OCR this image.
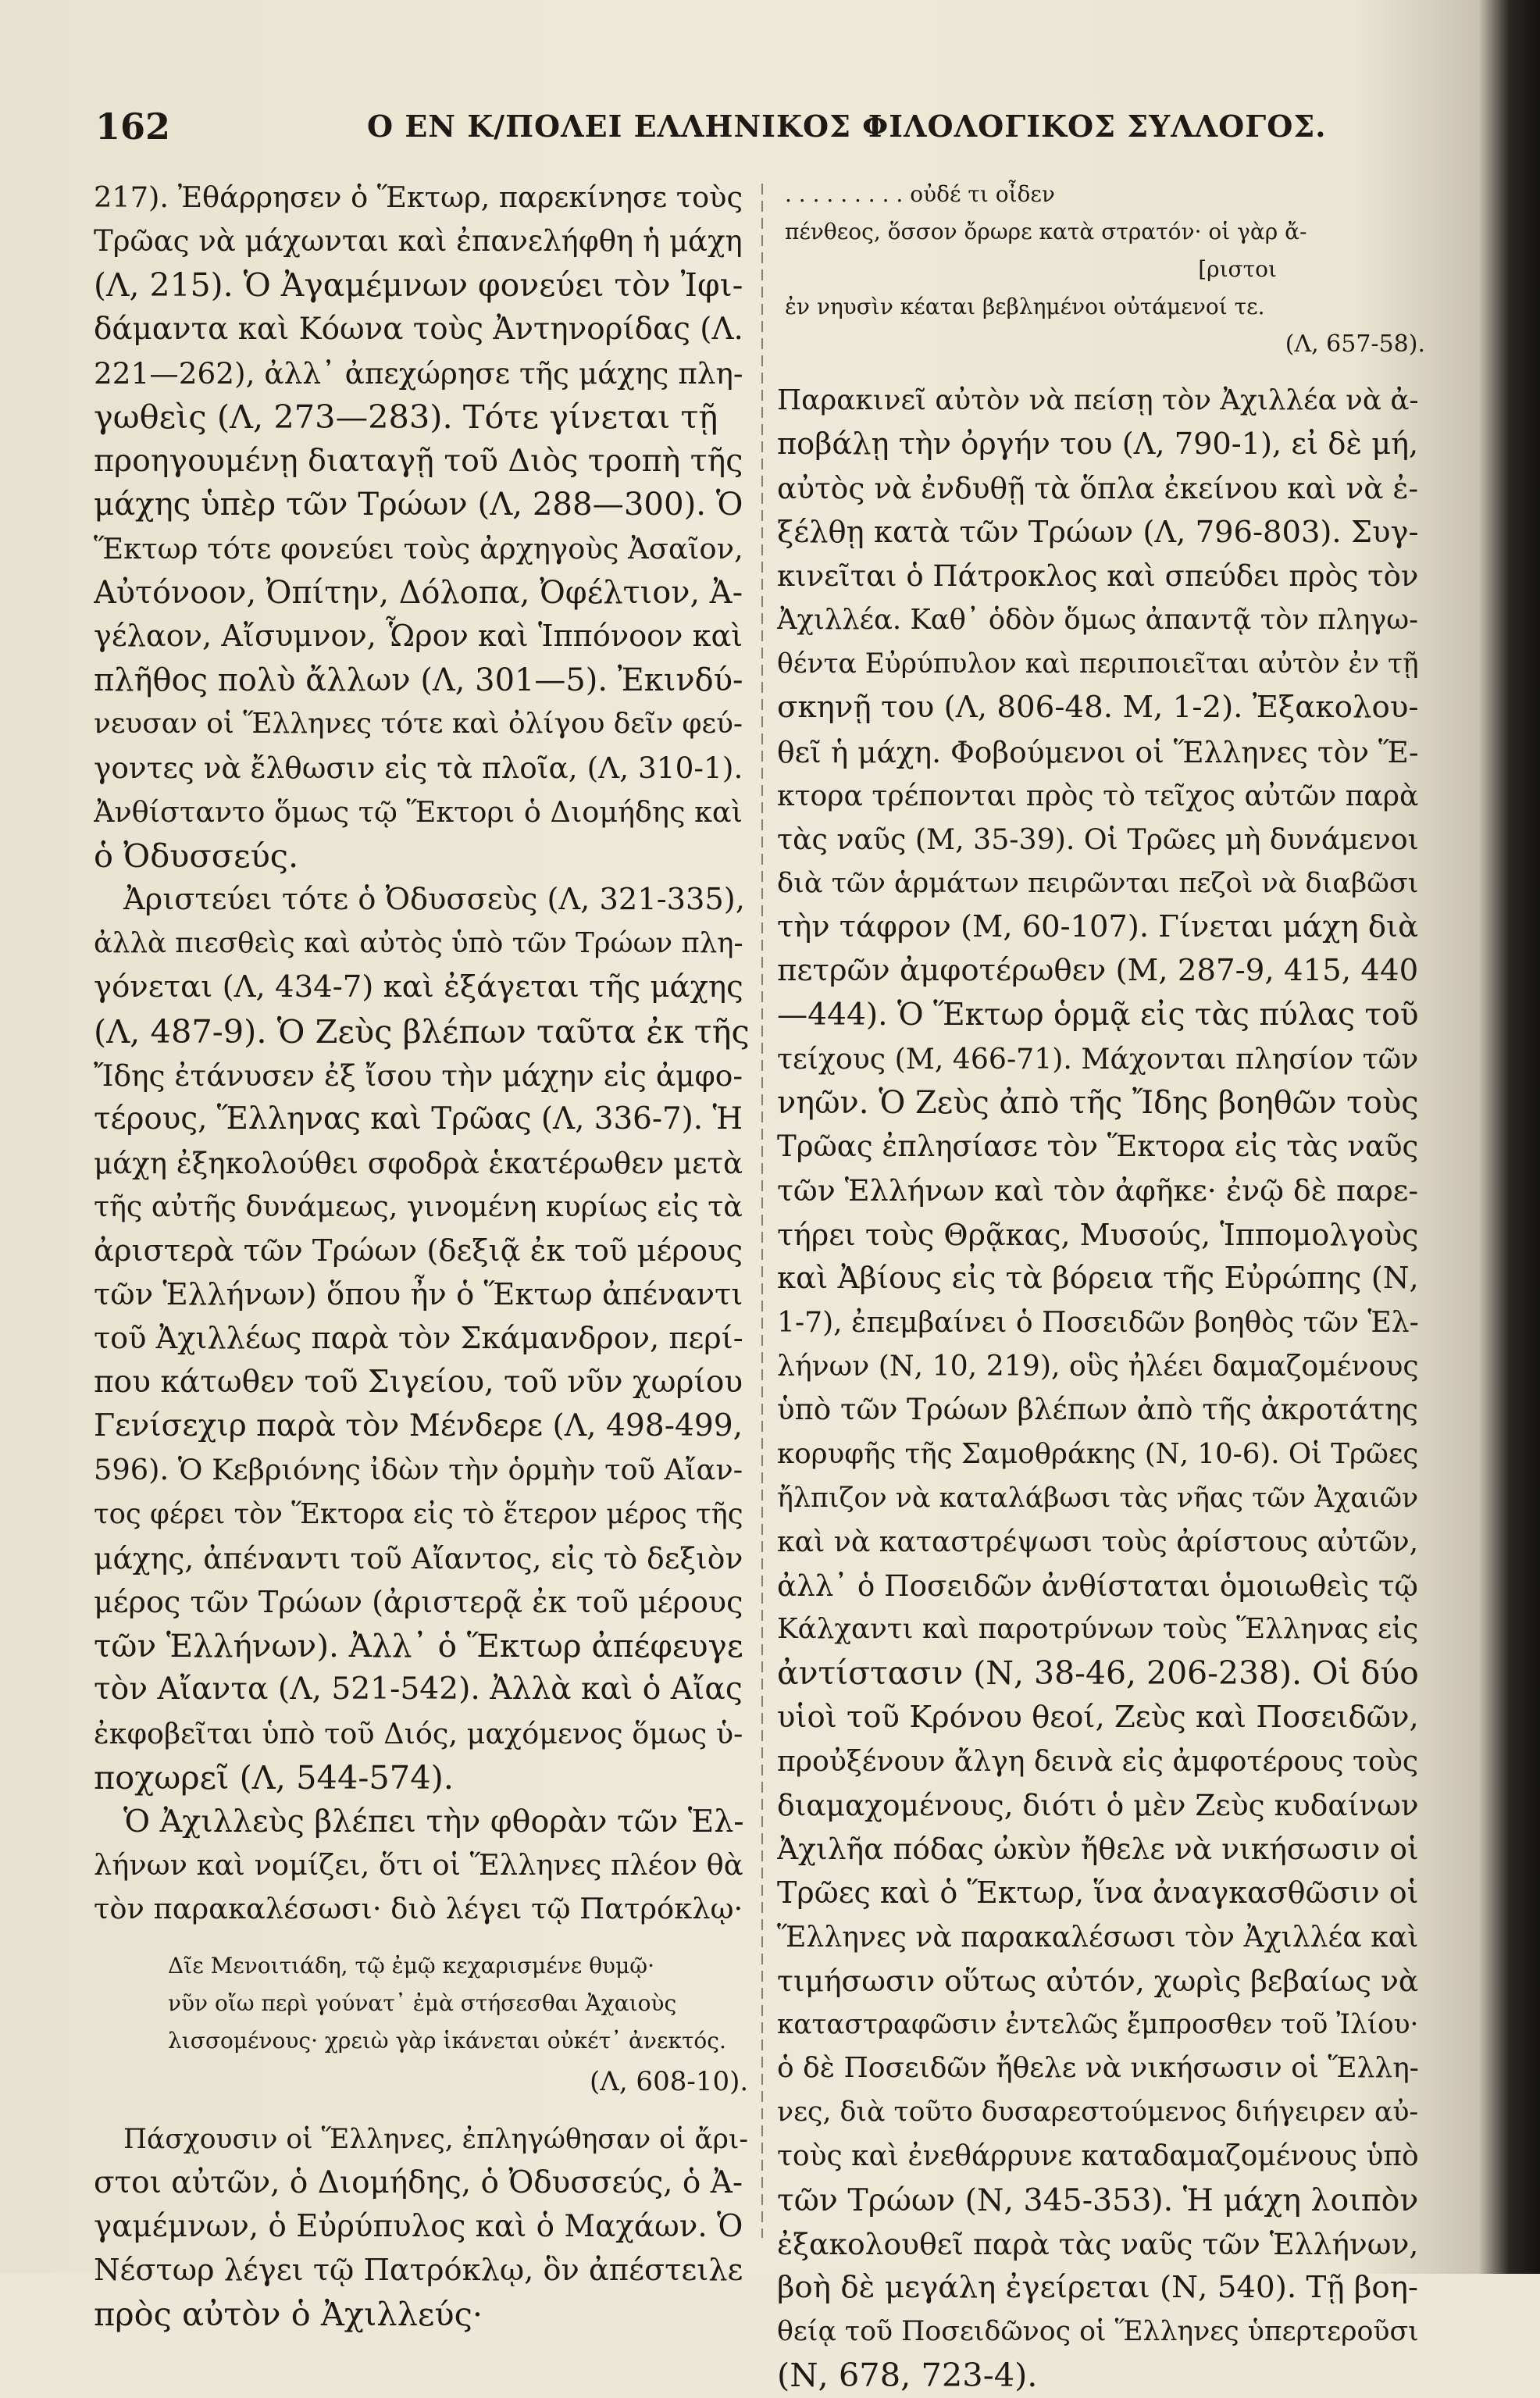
162	Ο ΕΝ Κ/ΠΟΛΕΙ ΕΛΛΗΝΙΚΟΣ ΦΙΛΟΛΟΓΙΚΟΣ ΣΥΛΛΟΓΟΣ.
217). Ἐθάρρησεν ὁ Ἕκτωρ, παρεκίνησε τοὺς
Τρῶας νὰ μάχωνται καὶ ἐπανελήφθη ἡ μάχη
(Λ, 215). Ὁ Ἀγαμέμνων φονεύει τὸν Ἰφι-
δάμαντα καὶ Κόωνα τοὺς Ἀντηνορίδας (Λ.
221—262), ἀλλ᾽ ἀπεχώρησε τῆς μάχης πλη-
γωθεὶς (Λ, 273—283). Τότε γίνεται τῇ
προηγουμένῃ διαταγῇ τοῦ Διὸς τροπὴ τῆς
μάχης ὑπὲρ τῶν Τρώων (Λ, 288—300). Ὁ
Ἕκτωρ τότε φονεύει τοὺς ἀρχηγοὺς Ἀσαῖον,
Αὐτόνοον, Ὀπίτην, Δόλοπα, Ὀφέλτιον, Ἀ-
γέλαον, Αἴσυμνον, Ὧρον καὶ Ἱππόνοον καὶ
πλῆθος πολὺ ἄλλων (Λ, 301—5). Ἐκινδύ-
νευσαν οἱ Ἕλληνες τότε καὶ ὀλίγου δεῖν φεύ-
γοντες νὰ ἔλθωσιν εἰς τὰ πλοῖα, (Λ, 310-1).
Ἀνθίσταντο ὅμως τῷ Ἕκτορι ὁ Διομήδης καὶ
ὁ Ὀδυσσεύς.
Ἀριστεύει τότε ὁ Ὀδυσσεὺς (Λ, 321-335),
ἀλλὰ πιεσθεὶς καὶ αὐτὸς ὑπὸ τῶν Τρώων πλη-
γόνεται (Λ, 434-7) καὶ ἐξάγεται τῆς μάχης
(Λ, 487-9). Ὁ Ζεὺς βλέπων ταῦτα ἐκ τῆς
Ἴδης ἐτάνυσεν ἐξ ἴσου τὴν μάχην εἰς ἀμφο-
τέρους, Ἕλληνας καὶ Τρῶας (Λ, 336-7). Ἡ
μάχη ἐξηκολούθει σφοδρὰ ἑκατέρωθεν μετὰ
τῆς αὐτῆς δυνάμεως, γινομένη κυρίως εἰς τὰ
ἀριστερὰ τῶν Τρώων (δεξιᾷ ἐκ τοῦ μέρους
τῶν Ἑλλήνων) ὅπου ἦν ὁ Ἕκτωρ ἀπέναντι
τοῦ Ἀχιλλέως παρὰ τὸν Σκάμανδρον, περί-
που κάτωθεν τοῦ Σιγείου, τοῦ νῦν χωρίου
Γενίσεχιρ παρὰ τὸν Μένδερε (Λ, 498-499,
596). Ὁ Κεβριόνης ἰδὼν τὴν ὁρμὴν τοῦ Αἴαν-
τος φέρει τὸν Ἕκτορα εἰς τὸ ἕτερον μέρος τῆς
μάχης, ἀπέναντι τοῦ Αἴαντος, εἰς τὸ δεξιὸν
μέρος τῶν Τρώων (ἀριστερᾷ ἐκ τοῦ μέρους
τῶν Ἑλλήνων). Ἀλλ᾽ ὁ Ἕκτωρ ἀπέφευγε
τὸν Αἴαντα (Λ, 521-542). Ἀλλὰ καὶ ὁ Αἴας
ἐκφοβεῖται ὑπὸ τοῦ Διός, μαχόμενος ὅμως ὑ-
ποχωρεῖ (Λ, 544-574).
Ὁ Ἀχιλλεὺς βλέπει τὴν φθορὰν τῶν Ἑλ-
λήνων καὶ νομίζει, ὅτι οἱ Ἕλληνες πλέον θὰ
τὸν παρακαλέσωσι· διὸ λέγει τῷ Πατρόκλῳ·
Δῖε Μενοιτιάδη, τῷ ἐμῷ κεχαρισμένε θυμῷ·
νῦν οἴω περὶ γούνατ᾽ ἐμὰ στήσεσθαι Ἀχαιοὺς
λισσομένους· χρειὼ γὰρ ἱκάνεται οὐκέτ᾽ ἀνεκτός.
(Λ, 608-10).
Πάσχουσιν οἱ Ἕλληνες, ἐπληγώθησαν οἱ ἄρι-
στοι αὐτῶν, ὁ Διομήδης, ὁ Ὀδυσσεύς, ὁ Ἀ-
γαμέμνων, ὁ Εὐρύπυλος καὶ ὁ Μαχάων. Ὁ
Νέστωρ λέγει τῷ Πατρόκλῳ, ὃν ἀπέστειλε
πρὸς αὐτὸν ὁ Ἀχιλλεύς·
. . . . . . . . . οὐδέ τι οἶδεν
πένθεος, ὅσσον ὄρωρε κατὰ στρατόν· οἱ γὰρ ἄ-
[ριστοι
ἐν νηυσὶν κέαται βεβλημένοι οὐτάμενοί τε.
(Λ, 657-58).
Παρακινεῖ αὐτὸν νὰ πείσῃ τὸν Ἀχιλλέα νὰ ἀ-
ποβάλῃ τὴν ὀργήν του (Λ, 790-1), εἰ δὲ μή,
αὐτὸς νὰ ἐνδυθῇ τὰ ὅπλα ἐκείνου καὶ νὰ ἐ-
ξέλθῃ κατὰ τῶν Τρώων (Λ, 796-803). Συγ-
κινεῖται ὁ Πάτροκλος καὶ σπεύδει πρὸς τὸν
Ἀχιλλέα. Καθ᾽ ὁδὸν ὅμως ἀπαντᾷ τὸν πληγω-
θέντα Εὐρύπυλον καὶ περιποιεῖται αὐτὸν ἐν τῇ
σκηνῇ του (Λ, 806-48. Μ, 1-2). Ἐξακολου-
θεῖ ἡ μάχη. Φοβούμενοι οἱ Ἕλληνες τὸν Ἕ-
κτορα τρέπονται πρὸς τὸ τεῖχος αὐτῶν παρὰ
τὰς ναῦς (Μ, 35-39). Οἱ Τρῶες μὴ δυνάμενοι
διὰ τῶν ἁρμάτων πειρῶνται πεζοὶ νὰ διαβῶσι
τὴν τάφρον (Μ, 60-107). Γίνεται μάχη διὰ
πετρῶν ἀμφοτέρωθεν (Μ, 287-9, 415, 440
—444). Ὁ Ἕκτωρ ὁρμᾷ εἰς τὰς πύλας τοῦ
τείχους (Μ, 466-71). Μάχονται πλησίον τῶν
νηῶν. Ὁ Ζεὺς ἀπὸ τῆς Ἴδης βοηθῶν τοὺς
Τρῶας ἐπλησίασε τὸν Ἕκτορα εἰς τὰς ναῦς
τῶν Ἑλλήνων καὶ τὸν ἀφῆκε· ἐνῷ δὲ παρε-
τήρει τοὺς Θρᾷκας, Μυσούς, Ἱππομολγοὺς
καὶ Ἀβίους εἰς τὰ βόρεια τῆς Εὐρώπης (Ν,
1-7), ἐπεμβαίνει ὁ Ποσειδῶν βοηθὸς τῶν Ἑλ-
λήνων (Ν, 10, 219), οὓς ἠλέει δαμαζομένους
ὑπὸ τῶν Τρώων βλέπων ἀπὸ τῆς ἀκροτάτης
κορυφῆς τῆς Σαμοθράκης (Ν, 10-6). Οἱ Τρῶες
ἤλπιζον νὰ καταλάβωσι τὰς νῆας τῶν Ἀχαιῶν
καὶ νὰ καταστρέψωσι τοὺς ἀρίστους αὐτῶν,
ἀλλ᾽ ὁ Ποσειδῶν ἀνθίσταται ὁμοιωθεὶς τῷ
Κάλχαντι καὶ παροτρύνων τοὺς Ἕλληνας εἰς
ἀντίστασιν (Ν, 38-46, 206-238). Οἱ δύο
υἱοὶ τοῦ Κρόνου θεοί, Ζεὺς καὶ Ποσειδῶν,
προὐξένουν ἄλγη δεινὰ εἰς ἀμφοτέρους τοὺς
διαμαχομένους, διότι ὁ μὲν Ζεὺς κυδαίνων
Ἀχιλῆα πόδας ὠκὺν ἤθελε νὰ νικήσωσιν οἱ
Τρῶες καὶ ὁ Ἕκτωρ, ἵνα ἀναγκασθῶσιν οἱ
Ἕλληνες νὰ παρακαλέσωσι τὸν Ἀχιλλέα καὶ
τιμήσωσιν οὕτως αὐτόν, χωρὶς βεβαίως νὰ
καταστραφῶσιν ἐντελῶς ἔμπροσθεν τοῦ Ἰλίου·
ὁ δὲ Ποσειδῶν ἤθελε νὰ νικήσωσιν οἱ Ἕλλη-
νες, διὰ τοῦτο δυσαρεστούμενος διήγειρεν αὐ-
τοὺς καὶ ἐνεθάρρυνε καταδαμαζομένους ὑπὸ
τῶν Τρώων (Ν, 345-353). Ἡ μάχη λοιπὸν
ἐξακολουθεῖ παρὰ τὰς ναῦς τῶν Ἑλλήνων,
βοὴ δὲ μεγάλη ἐγείρεται (Ν, 540). Τῇ βοη-
θείᾳ τοῦ Ποσειδῶνος οἱ Ἕλληνες ὑπερτεροῦσι
(Ν, 678, 723-4).
